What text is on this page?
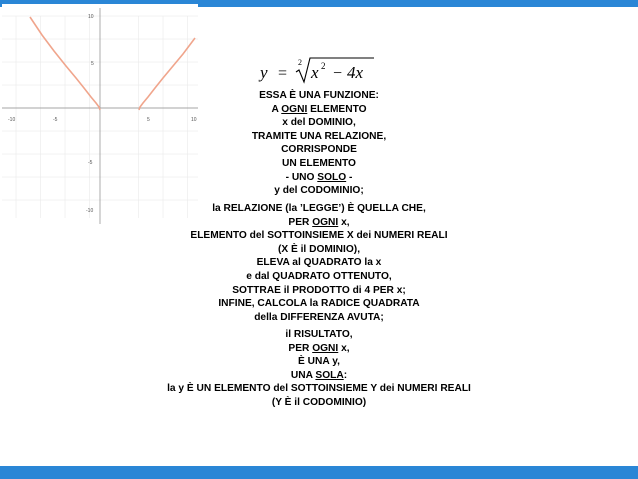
-10	-5	5	10
10
5
-5
-10
y =
2
x 2 − 4x
ESSA È UNA FUNZIONE:
A OGNI ELEMENTO
x del DOMINIO,
TRAMITE UNA RELAZIONE,
CORRISPONDE
UN ELEMENTO
- UNO SOLO -
y del CODOMINIO;
la RELAZIONE (la ’LEGGE’) È QUELLA CHE,
PER OGNI x,
ELEMENTO del SOTTOINSIEME X dei NUMERI REALI
(X È il DOMINIO),
ELEVA al QUADRATO la x
e dal QUADRATO OTTENUTO,
SOTTRAE il PRODOTTO di 4 PER x;
INFINE, CALCOLA la RADICE QUADRATA
della DIFFERENZA AVUTA;
il RISULTATO,
PER OGNI x,
È UNA y,
UNA SOLA:
la y È UN ELEMENTO del SOTTOINSIEME Y dei NUMERI REALI
(Y È il CODOMINIO)
